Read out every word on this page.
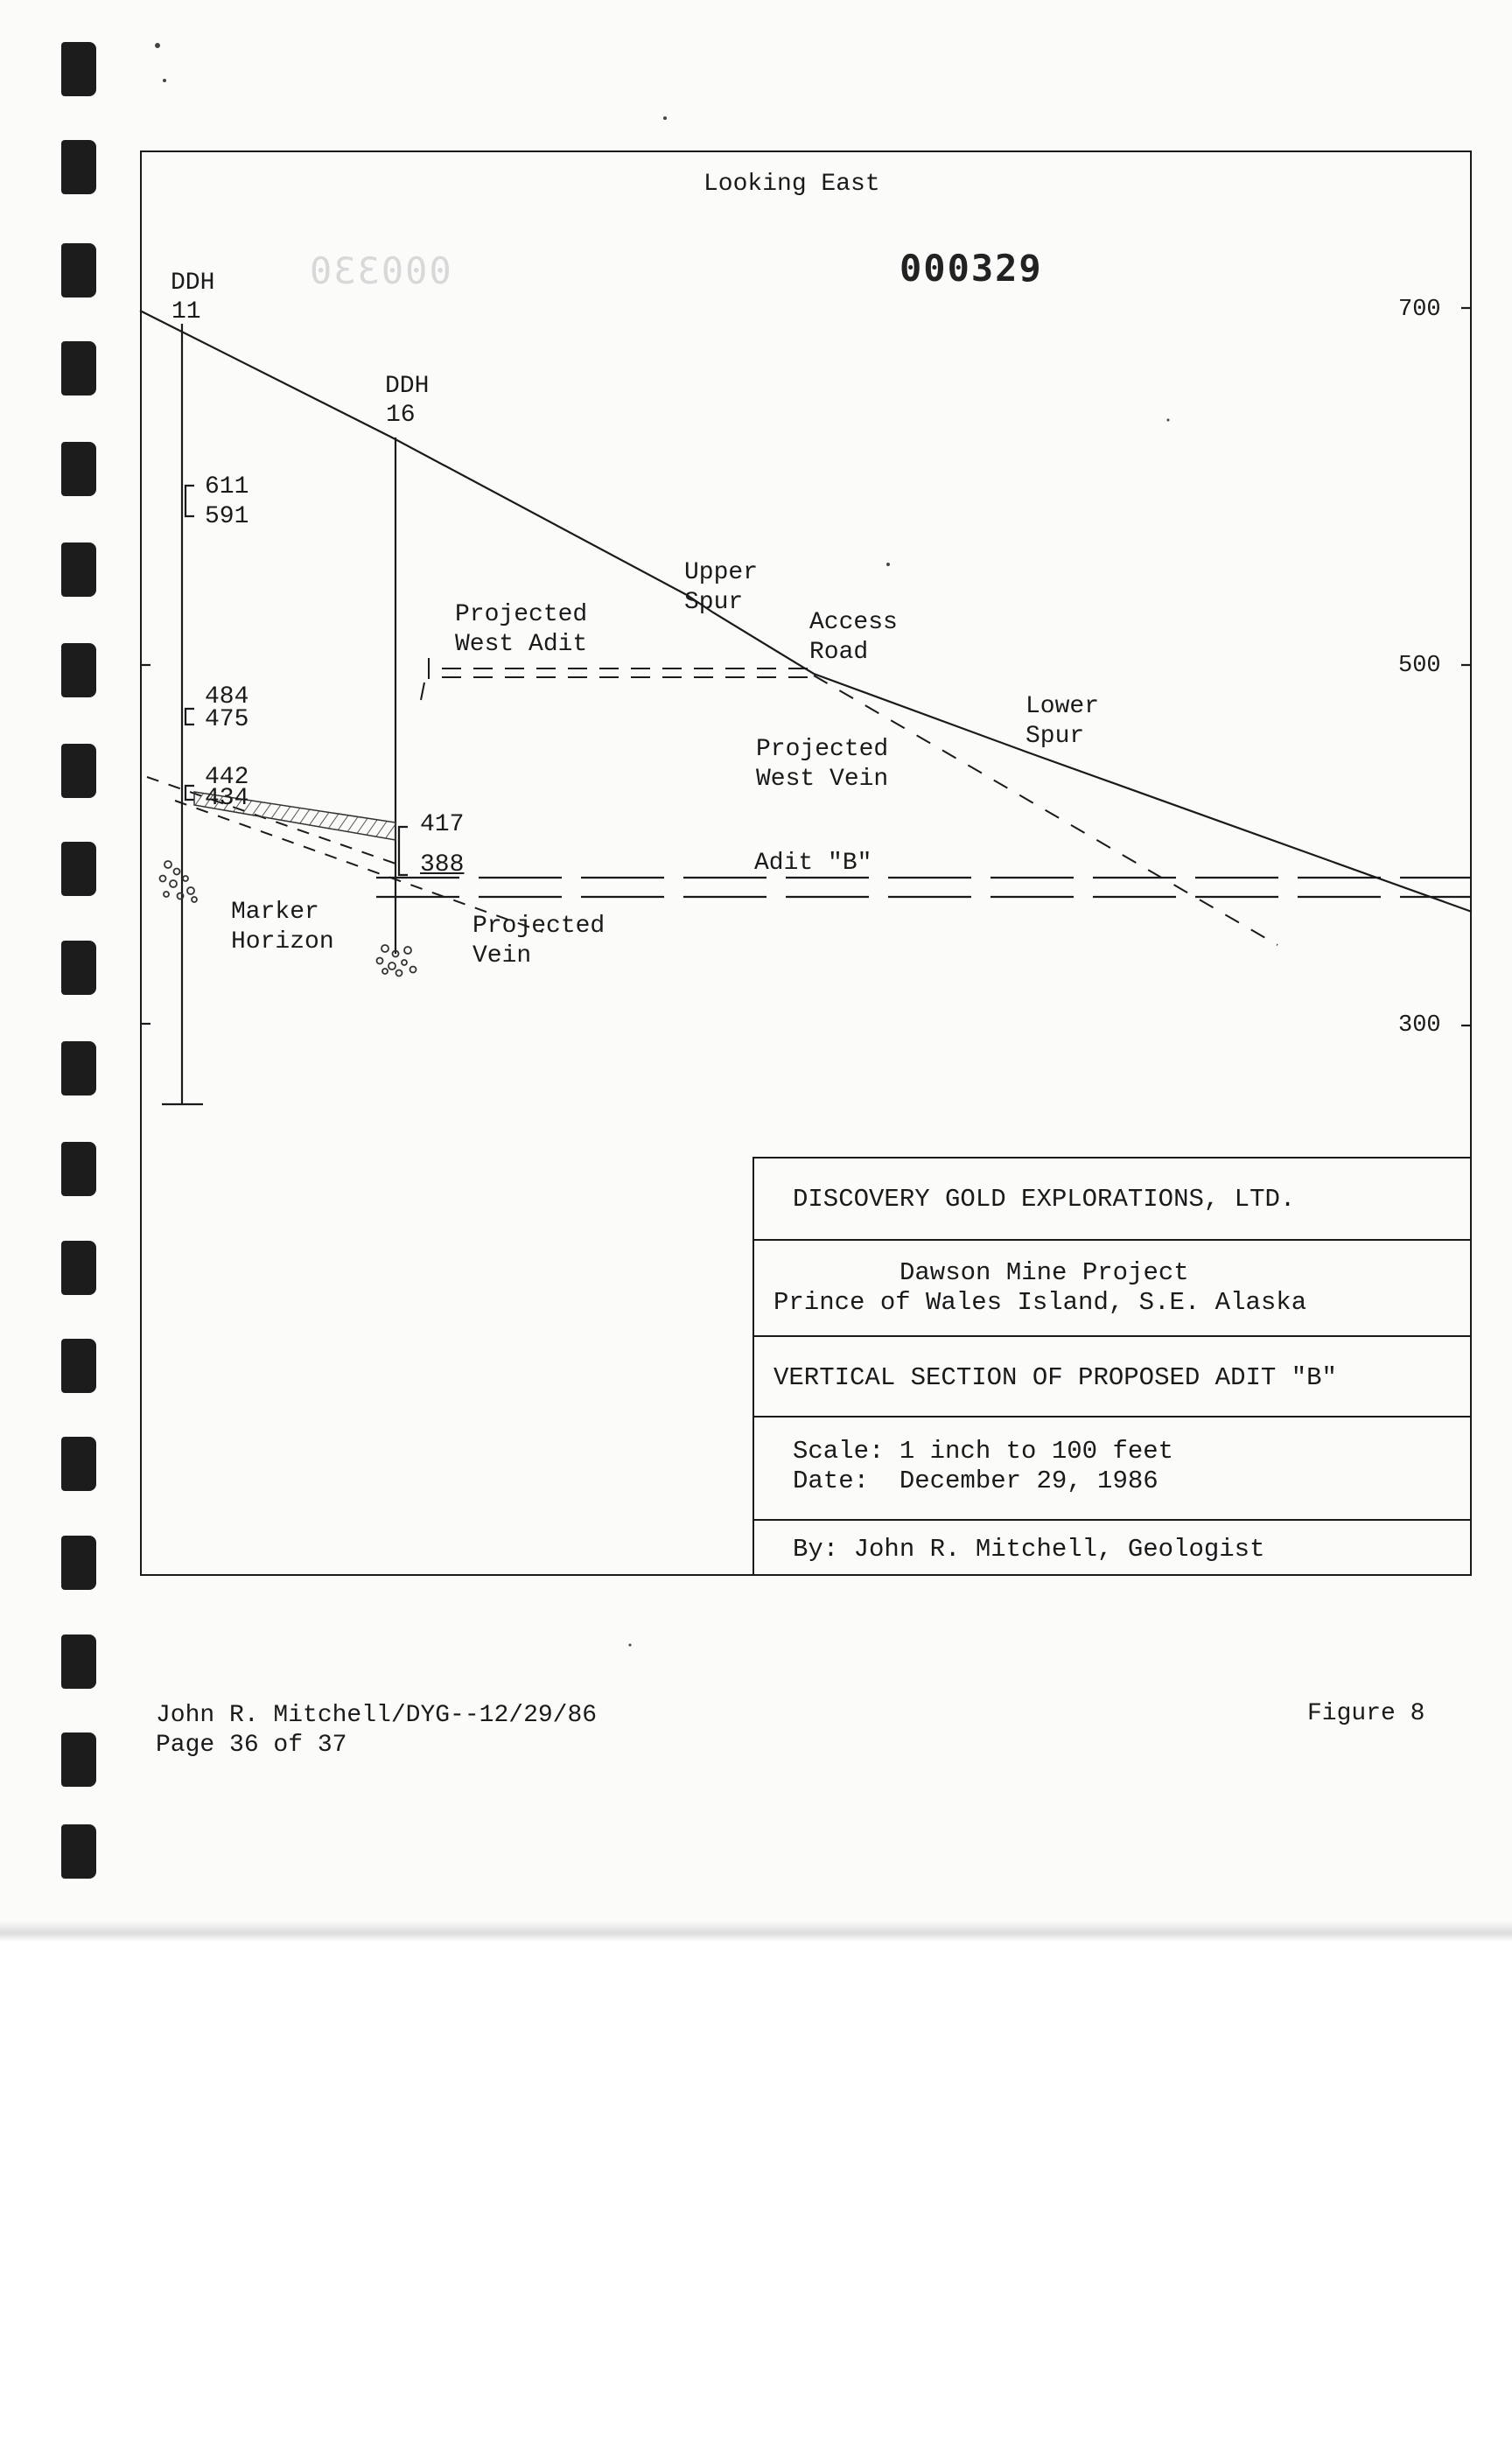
Looking East
000330	000329
700
500
300
DDH
11
DDH
16
611
591
484
475
442
434
417
388
Upper
Spur
Access
Road
Lower
Spur
Projected
West Adit
Projected
West Vein
Adit "B"
Marker
Horizon
Projected
Vein
DISCOVERY GOLD EXPLORATIONS, LTD.
Dawson Mine Project
Prince of Wales Island, S.E. Alaska
VERTICAL SECTION OF PROPOSED ADIT "B"
Scale: 1 inch to 100 feet
Date:  December 29, 1986
By: John R. Mitchell, Geologist
John R. Mitchell/DYG--12/29/86
Page 36 of 37
Figure 8
